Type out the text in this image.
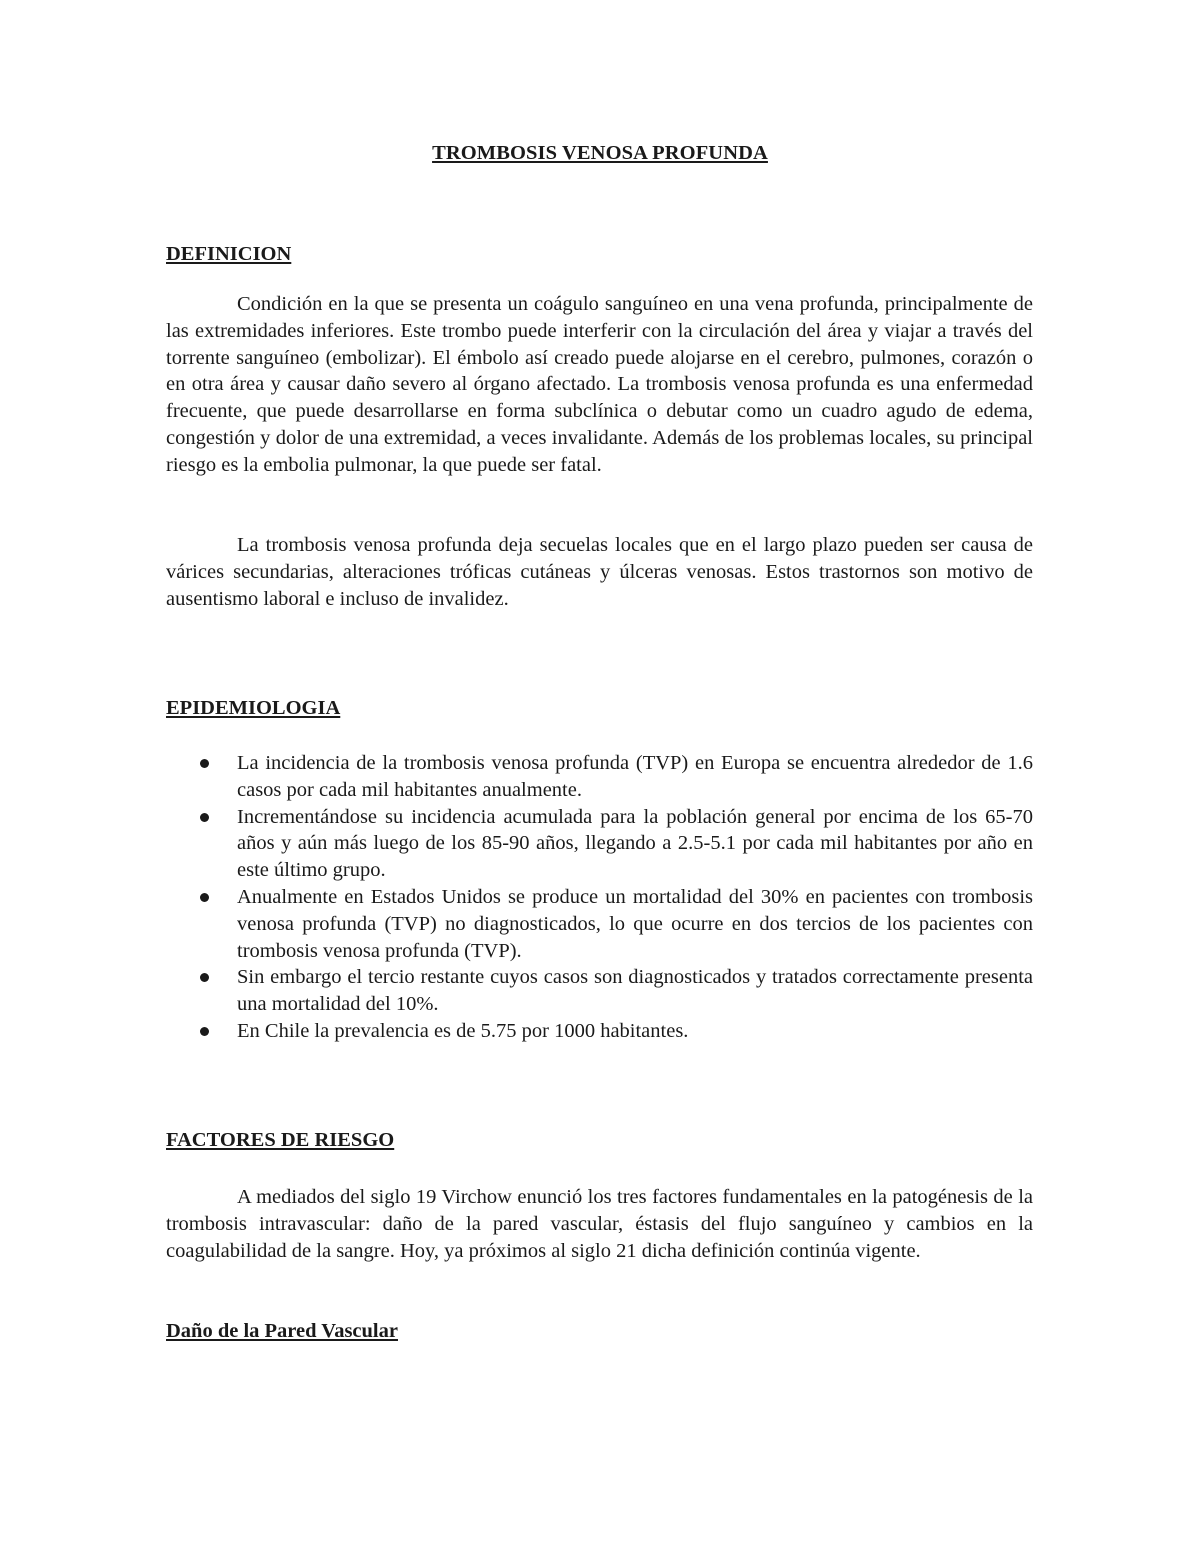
TROMBOSIS VENOSA PROFUNDA
DEFINICION

Condición en la que se presenta un coágulo sanguíneo en una vena profunda, principalmente de las extremidades inferiores. Este trombo puede interferir con la circulación del área y viajar a través del torrente sanguíneo (embolizar). El émbolo así creado puede alojarse en el cerebro, pulmones, corazón o en otra área y causar daño severo al órgano afectado. La trombosis venosa profunda es una enfermedad frecuente, que puede desarrollarse en forma subclínica o debutar como un cuadro agudo de edema, congestión y dolor de una extremidad, a veces invalidante. Además de los problemas locales, su principal riesgo es la embolia pulmonar, la que puede ser fatal.

La trombosis venosa profunda deja secuelas locales que en el largo plazo pueden ser causa de várices secundarias, alteraciones tróficas cutáneas y úlceras venosas. Estos trastornos son motivo de ausentismo laboral e incluso de invalidez.

EPIDEMIOLOGIA
La incidencia de la trombosis venosa profunda (TVP) en Europa se encuentra alrededor de 1.6 casos por cada mil habitantes anualmente.
Incrementándose su incidencia acumulada para la población general por encima de los 65-70 años y aún más luego de los 85-90 años, llegando a 2.5-5.1 por cada mil habitantes por año en este último grupo.
Anualmente en Estados Unidos se produce un mortalidad del 30% en pacientes con trombosis venosa profunda (TVP) no diagnosticados, lo que ocurre en dos tercios de los pacientes con trombosis venosa profunda (TVP).
Sin embargo el tercio restante cuyos casos son diagnosticados y tratados correctamente presenta una mortalidad del 10%.
En Chile la prevalencia es de 5.75 por 1000 habitantes.
FACTORES DE RIESGO

A mediados del siglo 19 Virchow enunció los tres factores fundamentales en la patogénesis de la trombosis intravascular: daño de la pared vascular, éstasis del flujo sanguíneo y cambios en la coagulabilidad de la sangre. Hoy, ya próximos al siglo 21 dicha definición continúa vigente.

Daño de la Pared Vascular
